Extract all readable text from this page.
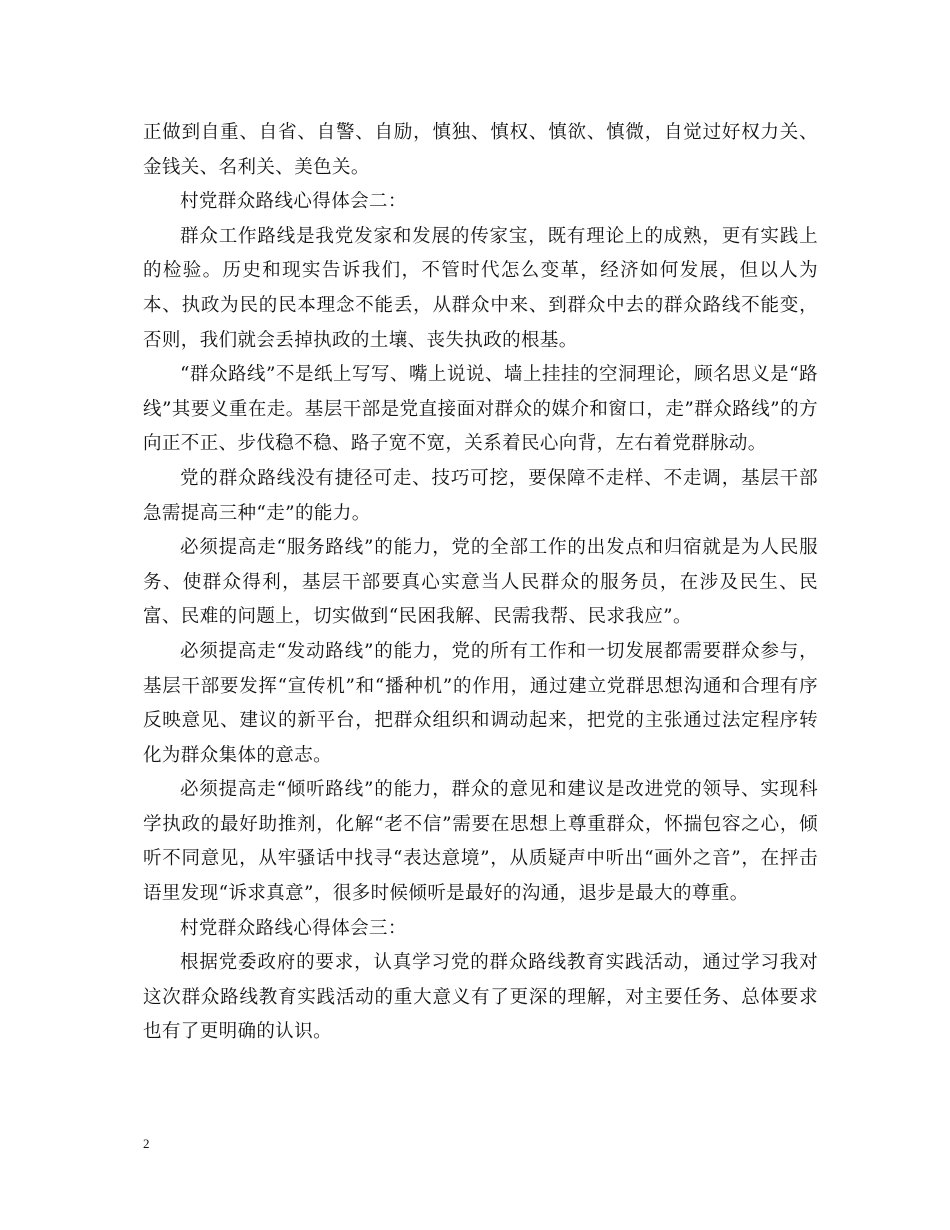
正做到自重、自省、自警、自励，慎独、慎权、慎欲、慎微，自觉过好权力关、金钱关、名利关、美色关。

村党群众路线心得体会二：

群众工作路线是我党发家和发展的传家宝，既有理论上的成熟，更有实践上的检验。历史和现实告诉我们，不管时代怎么变革，经济如何发展，但以人为本、执政为民的民本理念不能丢，从群众中来、到群众中去的群众路线不能变，否则，我们就会丢掉执政的土壤、丧失执政的根基。

“群众路线”不是纸上写写、嘴上说说、墙上挂挂的空洞理论，顾名思义是“路线”其要义重在走。基层干部是党直接面对群众的媒介和窗口，走”群众路线”的方向正不正、步伐稳不稳、路子宽不宽，关系着民心向背，左右着党群脉动。

党的群众路线没有捷径可走、技巧可挖，要保障不走样、不走调，基层干部急需提高三种“走”的能力。

必须提高走“服务路线”的能力，党的全部工作的出发点和归宿就是为人民服务、使群众得利，基层干部要真心实意当人民群众的服务员，在涉及民生、民富、民难的问题上，切实做到“民困我解、民需我帮、民求我应”。

必须提高走“发动路线”的能力，党的所有工作和一切发展都需要群众参与，基层干部要发挥“宣传机”和“播种机”的作用，通过建立党群思想沟通和合理有序反映意见、建议的新平台，把群众组织和调动起来，把党的主张通过法定程序转化为群众集体的意志。

必须提高走“倾听路线”的能力，群众的意见和建议是改进党的领导、实现科学执政的最好助推剂，化解“老不信”需要在思想上尊重群众，怀揣包容之心，倾听不同意见，从牢骚话中找寻“表达意境”，从质疑声中听出“画外之音”，在抨击语里发现“诉求真意”，很多时候倾听是最好的沟通，退步是最大的尊重。

村党群众路线心得体会三：

根据党委政府的要求，认真学习党的群众路线教育实践活动，通过学习我对这次群众路线教育实践活动的重大意义有了更深的理解，对主要任务、总体要求也有了更明确的认识。

2
